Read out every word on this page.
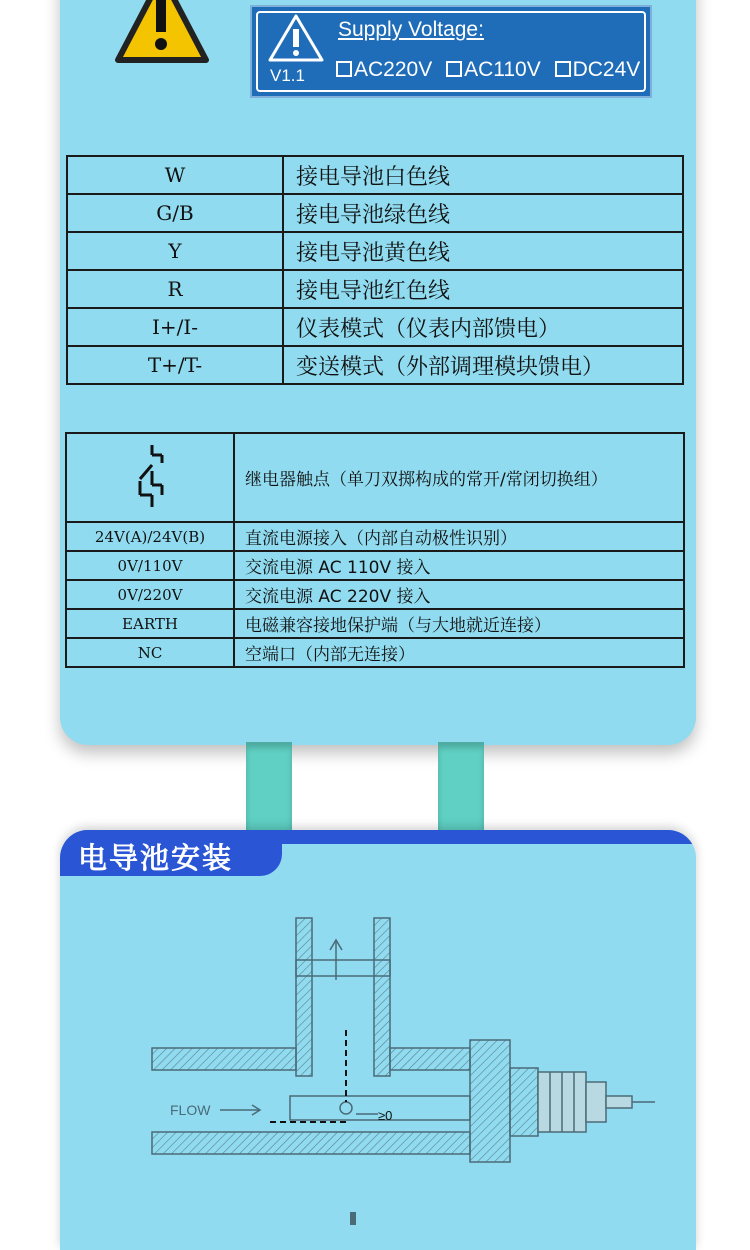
Supply Voltage:
V1.1	AC220V AC110V DC24V
W	接电导池白色线
G/B	接电导池绿色线
Y	接电导池黄色线
R	接电导池红色线
I+/I-	仪表模式（仪表内部馈电）
T+/T-	变送模式（外部调理模块馈电）
	继电器触点（单刀双掷构成的常开/常闭切换组）
24V(A)/24V(B)	直流电源接入（内部自动极性识别）
0V/110V	交流电源 AC 110V 接入
0V/220V	交流电源 AC 220V 接入
EARTH	电磁兼容接地保护端（与大地就近连接）
NC	空端口（内部无连接）
电导池安装
FLOW	≥0
